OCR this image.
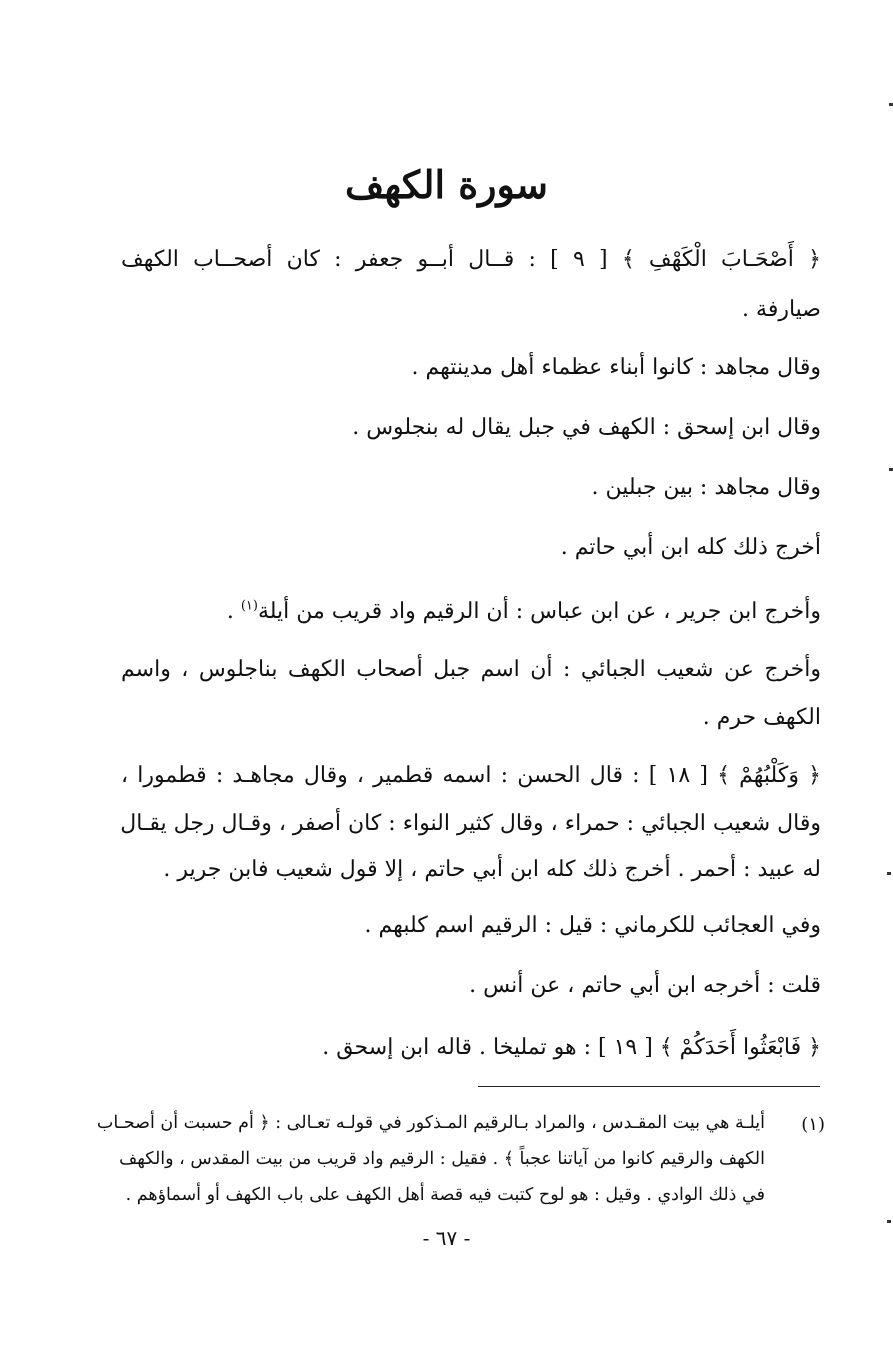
سورة الكهف
﴿ أَصْحَـابَ الْكَهْفِ ﴾ [ ٩ ] : قــال أبــو جعفر : كان أصحــاب الكهف
صيارفة .
وقال مجاهد : كانوا أبناء عظماء أهل مدينتهم .
وقال ابن إسحق : الكهف في جبل يقال له بنجلوس .
وقال مجاهد : بين جبلين .
أخرج ذلك كله ابن أبي حاتم .
وأخرج ابن جرير ، عن ابن عباس : أن الرقيم واد قريب من أيلة$^{(١)}$ .
وأخرج عن شعيب الجبائي : أن اسم جبل أصحاب الكهف بناجلوس ، واسم
الكهف حرم .
﴿ وَكَلْبُهُمْ ﴾ [ ١٨ ] : قال الحسن : اسمه قطمير ، وقال مجاهـد : قطمورا ،
وقال شعيب الجبائي : حمراء ، وقال كثير النواء : كان أصفر ، وقـال رجل يقـال
له عبيد : أحمر . أخرج ذلك كله ابن أبي حاتم ، إلا قول شعيب فابن جرير .
وفي العجائب للكرماني : قيل : الرقيم اسم كلبهم .
قلت : أخرجه ابن أبي حاتم ، عن أنس .
﴿ فَابْعَثُوا أَحَدَكُمْ ﴾ [ ١٩ ] : هو تمليخا . قاله ابن إسحق .
(١)
أيلـة هي بيت المقـدس ، والمراد بـالرقيم المـذكور في قولـه تعـالى : ﴿ أم حسبت أن أصحـاب
الكهف والرقيم كانوا من آياتنا عجباً ﴾ . فقيل : الرقيم واد قريب من بيت المقدس ، والكهف
في ذلك الوادي . وقيل : هو لوح كتبت فيه قصة أهل الكهف على باب الكهف أو أسماؤهم .
- ٦٧ -
